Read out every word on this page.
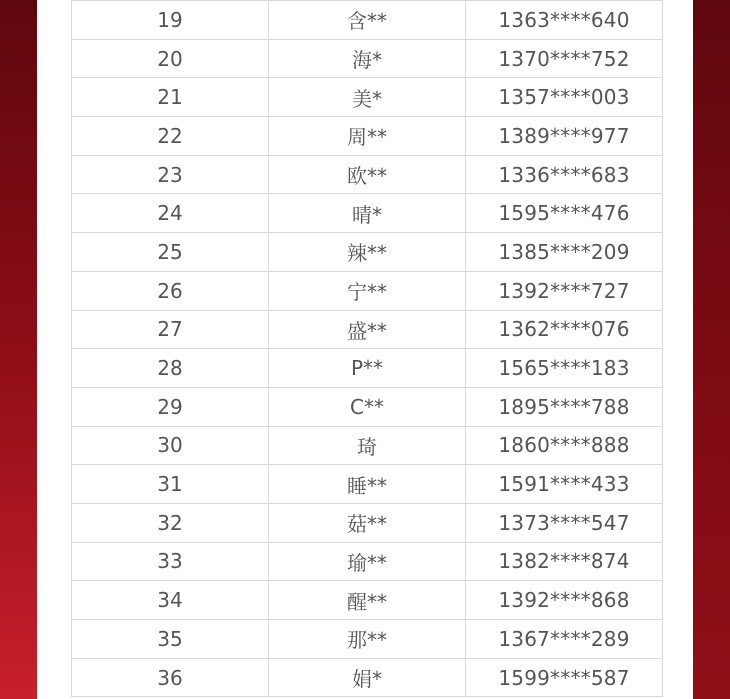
19	含**	1363****640
20	海*	1370****752
21	美*	1357****003
22	周**	1389****977
23	欧**	1336****683
24	晴*	1595****476
25	辣**	1385****209
26	宁**	1392****727
27	盛**	1362****076
28	P**	1565****183
29	C**	1895****788
30	琦	1860****888
31	睡**	1591****433
32	菇**	1373****547
33	瑜**	1382****874
34	醒**	1392****868
35	那**	1367****289
36	娟*	1599****587
